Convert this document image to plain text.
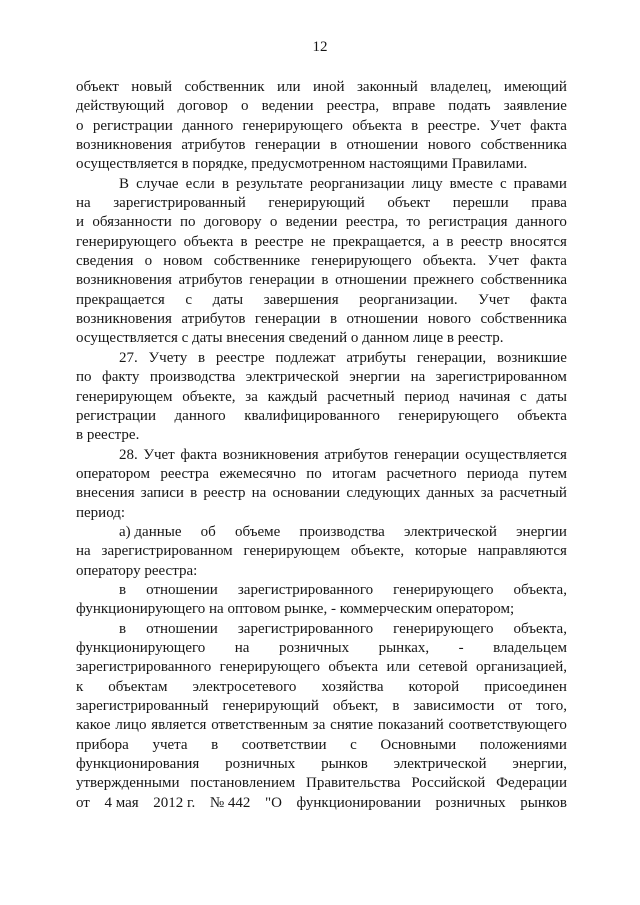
12
объект новый собственник или иной законный владелец, имеющий
действующий договор о ведении реестра, вправе подать заявление
о регистрации данного генерирующего объекта в реестре. Учет факта
возникновения атрибутов генерации в отношении нового собственника
осуществляется в порядке, предусмотренном настоящими Правилами.
В случае если в результате реорганизации лицу вместе с правами
на зарегистрированный генерирующий объект перешли права
и обязанности по договору о ведении реестра, то регистрация данного
генерирующего объекта в реестре не прекращается, а в реестр вносятся
сведения о новом собственнике генерирующего объекта. Учет факта
возникновения атрибутов генерации в отношении прежнего собственника
прекращается с даты завершения реорганизации. Учет факта
возникновения атрибутов генерации в отношении нового собственника
осуществляется с даты внесения сведений о данном лице в реестр.
27. Учету в реестре подлежат атрибуты генерации, возникшие
по факту производства электрической энергии на зарегистрированном
генерирующем объекте, за каждый расчетный период начиная с даты
регистрации данного квалифицированного генерирующего объекта
в реестре.
28. Учет факта возникновения атрибутов генерации осуществляется
оператором реестра ежемесячно по итогам расчетного периода путем
внесения записи в реестр на основании следующих данных за расчетный
период:
а) данные об объеме производства электрической энергии
на зарегистрированном генерирующем объекте, которые направляются
оператору реестра:
в отношении зарегистрированного генерирующего объекта,
функционирующего на оптовом рынке, - коммерческим оператором;
в отношении зарегистрированного генерирующего объекта,
функционирующего на розничных рынках, - владельцем
зарегистрированного генерирующего объекта или сетевой организацией,
к объектам электросетевого хозяйства которой присоединен
зарегистрированный генерирующий объект, в зависимости от того,
какое лицо является ответственным за снятие показаний соответствующего
прибора учета в соответствии с Основными положениями
функционирования розничных рынков электрической энергии,
утвержденными постановлением Правительства Российской Федерации
от 4 мая 2012 г. № 442 "О функционировании розничных рынков
